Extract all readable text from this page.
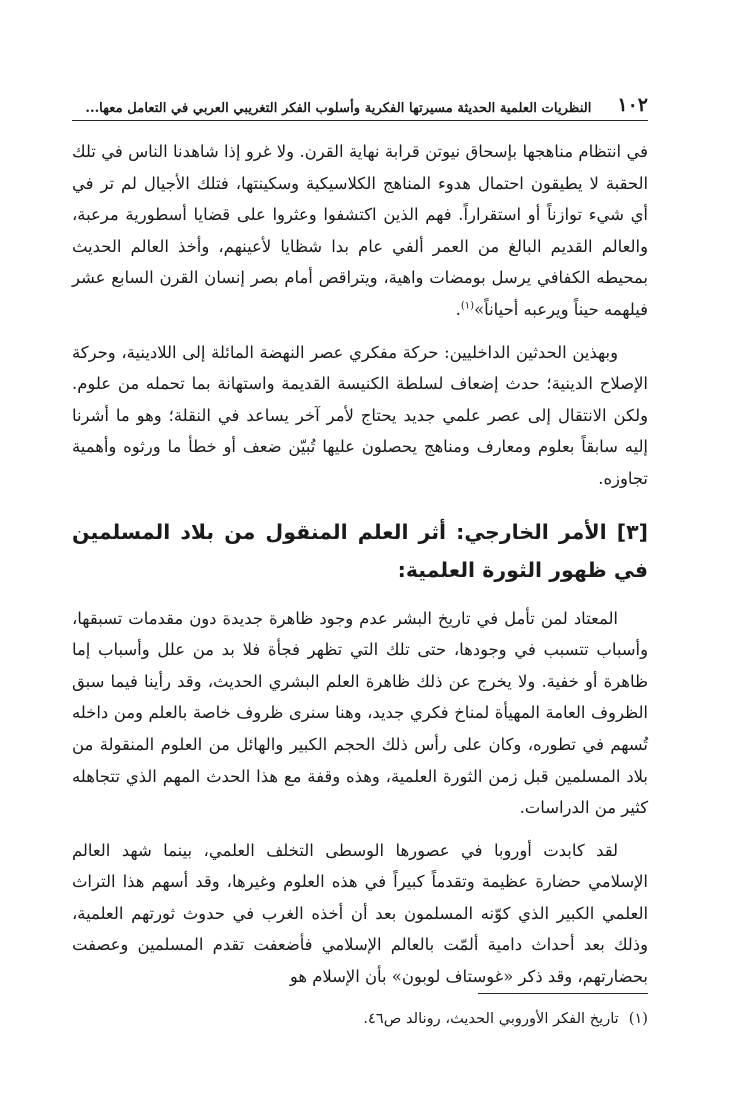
١٠٢
النظريات العلمية الحديثة مسيرتها الفكرية وأسلوب الفكر التغريبي العربي في التعامل معها...

في انتظام مناهجها بإسحاق نيوتن قرابة نهاية القرن. ولا غرو إذا شاهدنا الناس في تلك الحقبة لا يطيقون احتمال هدوء المناهج الكلاسيكية وسكينتها، فتلك الأجيال لم تر في أي شيء توازناً أو استقراراً. فهم الذين اكتشفوا وعثروا على قضايا أسطورية مرعبة، والعالم القديم البالغ من العمر ألفي عام بدا شظايا لأعينهم، وأخذ العالم الحديث بمحيطه الكفافي يرسل بومضات واهية، ويتراقص أمام بصر إنسان القرن السابع عشر فيلهمه حيناً ويرعبه أحياناً»$^{(١)}$.

وبهذين الحدثين الداخليين: حركة مفكري عصر النهضة المائلة إلى اللادينية، وحركة الإصلاح الدينية؛ حدث إضعاف لسلطة الكنيسة القديمة واستهانة بما تحمله من علوم. ولكن الانتقال إلى عصر علمي جديد يحتاج لأمر آخر يساعد في النقلة؛ وهو ما أشرنا إليه سابقاً بعلوم ومعارف ومناهج يحصلون عليها تُبيّن ضعف أو خطأ ما ورثوه وأهمية تجاوزه.

[٣] الأمر الخارجي: أثر العلم المنقول من بلاد المسلمين في ظهور الثورة العلمية:

المعتاد لمن تأمل في تاريخ البشر عدم وجود ظاهرة جديدة دون مقدمات تسبقها، وأسباب تتسبب في وجودها، حتى تلك التي تظهر فجأة فلا بد من علل وأسباب إما ظاهرة أو خفية. ولا يخرج عن ذلك ظاهرة العلم البشري الحديث، وقد رأينا فيما سبق الظروف العامة المهيأة لمناخ فكري جديد، وهنا سنرى ظروف خاصة بالعلم ومن داخله تُسهم في تطوره، وكان على رأس ذلك الحجم الكبير والهائل من العلوم المنقولة من بلاد المسلمين قبل زمن الثورة العلمية، وهذه وقفة مع هذا الحدث المهم الذي تتجاهله كثير من الدراسات.

لقد كابدت أوروبا في عصورها الوسطى التخلف العلمي، بينما شهد العالم الإسلامي حضارة عظيمة وتقدماً كبيراً في هذه العلوم وغيرها، وقد أسهم هذا التراث العلمي الكبير الذي كوّنه المسلمون بعد أن أخذه الغرب في حدوث ثورتهم العلمية، وذلك بعد أحداث دامية ألمّت بالعالم الإسلامي فأضعفت تقدم المسلمين وعصفت بحضارتهم، وقد ذكر «غوستاف لوبون» بأن الإسلام هو

(١)تاريخ الفكر الأوروبي الحديث، رونالد ص٤٦.
